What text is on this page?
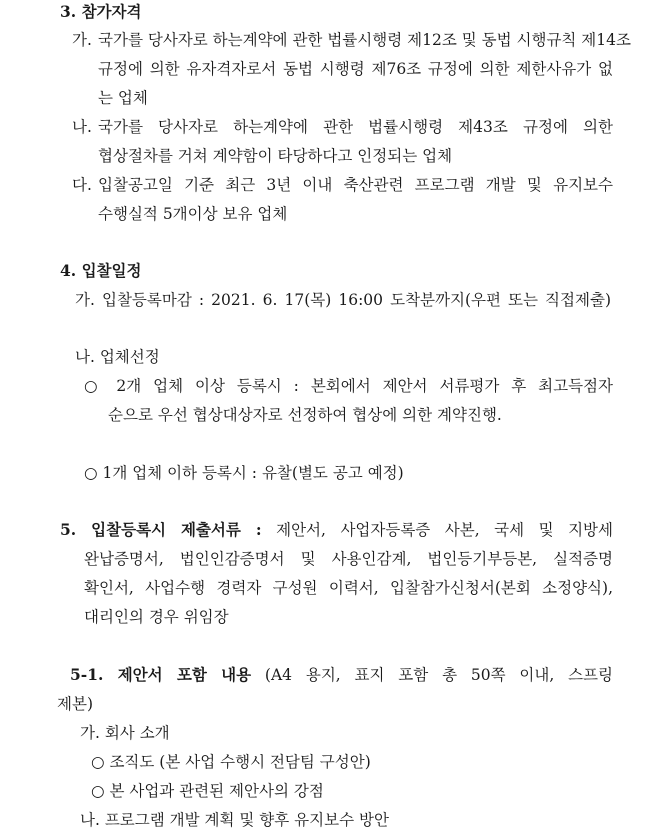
3. 참가자격
가. 국가를 당사자로 하는계약에 관한 법률시행령 제12조 및 동법 시행규칙 제14조
규정에 의한 유자격자로서 동법 시행령 제76조 규정에 의한 제한사유가 없
는 업체
나. 국가를 당사자로 하는계약에 관한 법률시행령 제43조 규정에 의한
협상절차를 거쳐 계약함이 타당하다고 인정되는 업체
다. 입찰공고일 기준 최근 3년 이내 축산관련 프로그램 개발 및 유지보수
수행실적 5개이상 보유 업체
4. 입찰일정
가. 입찰등록마감 : 2021. 6. 17(목) 16:00 도착분까지(우편 또는 직접제출)
나. 업체선정
○ 2개 업체 이상 등록시 : 본회에서 제안서 서류평가 후 최고득점자
순으로 우선 협상대상자로 선정하여 협상에 의한 계약진행.
○ 1개 업체 이하 등록시 : 유찰(별도 공고 예정)
5. 입찰등록시 제출서류 : 제안서, 사업자등록증 사본, 국세 및 지방세
완납증명서, 법인인감증명서 및 사용인감계, 법인등기부등본, 실적증명
확인서, 사업수행 경력자 구성원 이력서, 입찰참가신청서(본회 소정양식),
대리인의 경우 위임장
5-1. 제안서 포함 내용 (A4 용지, 표지 포함 총 50쪽 이내, 스프링
제본)
가. 회사 소개
○ 조직도 (본 사업 수행시 전담팀 구성안)
○ 본 사업과 관련된 제안사의 강점
나. 프로그램 개발 계획 및 향후 유지보수 방안
